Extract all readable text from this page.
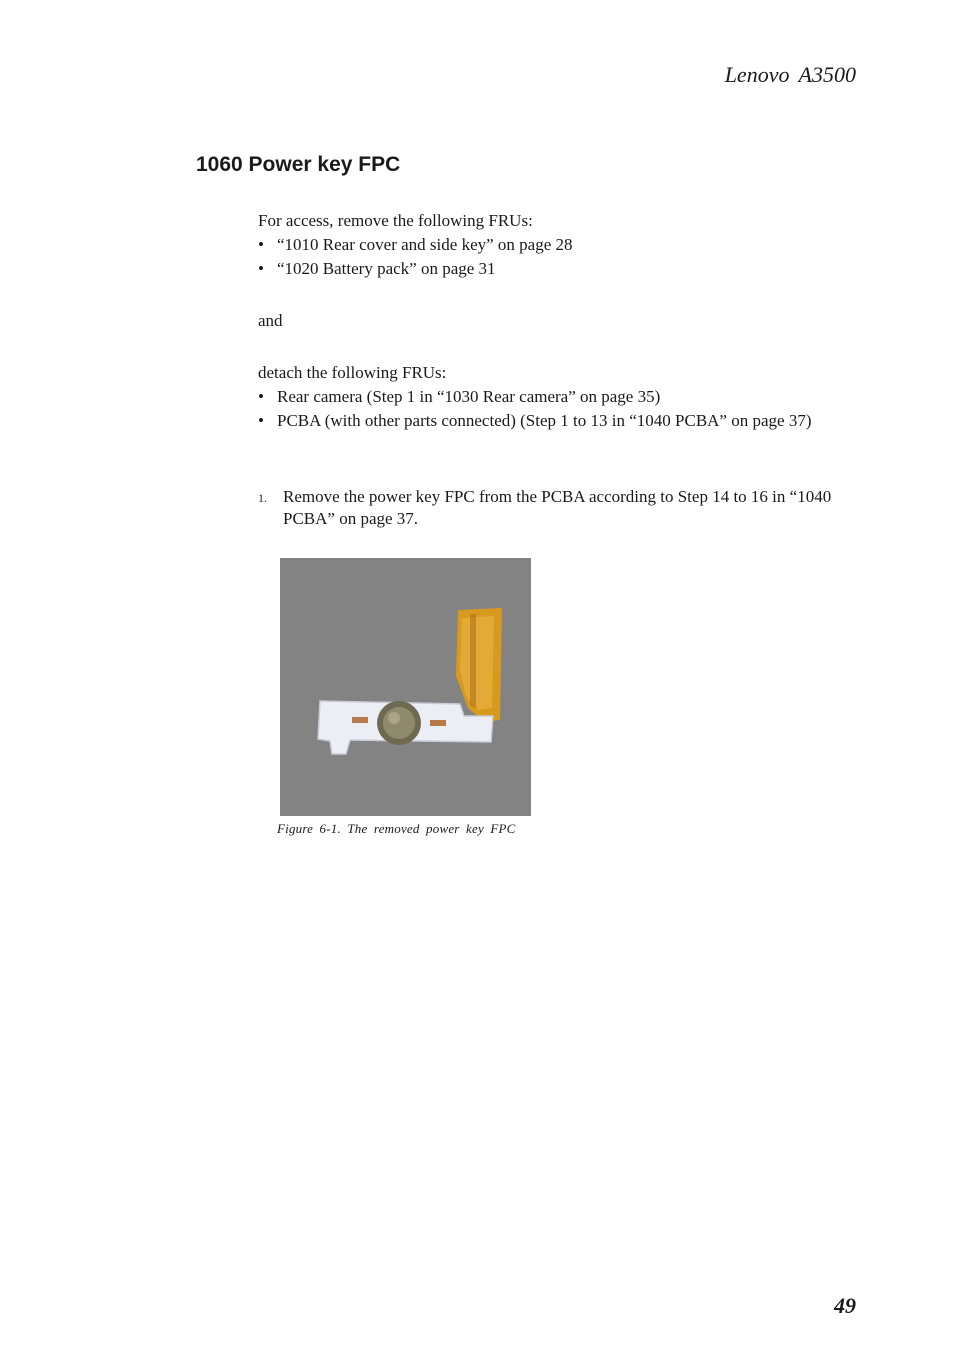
Lenovo A3500
1060 Power key FPC

For access, remove the following FRUs:

• “1010 Rear cover and side key” on page 28
• “1020 Battery pack” on page 31

and

detach the following FRUs:

• Rear camera (Step 1 in “1030 Rear camera” on page 35)
• PCBA (with other parts connected) (Step 1 to 13 in “1040 PCBA” on page 37)
1. Remove the power key FPC from the PCBA according to Step 14 to 16 in “1040 PCBA” on page 37.
Figure 6-1. The removed power key FPC
49
